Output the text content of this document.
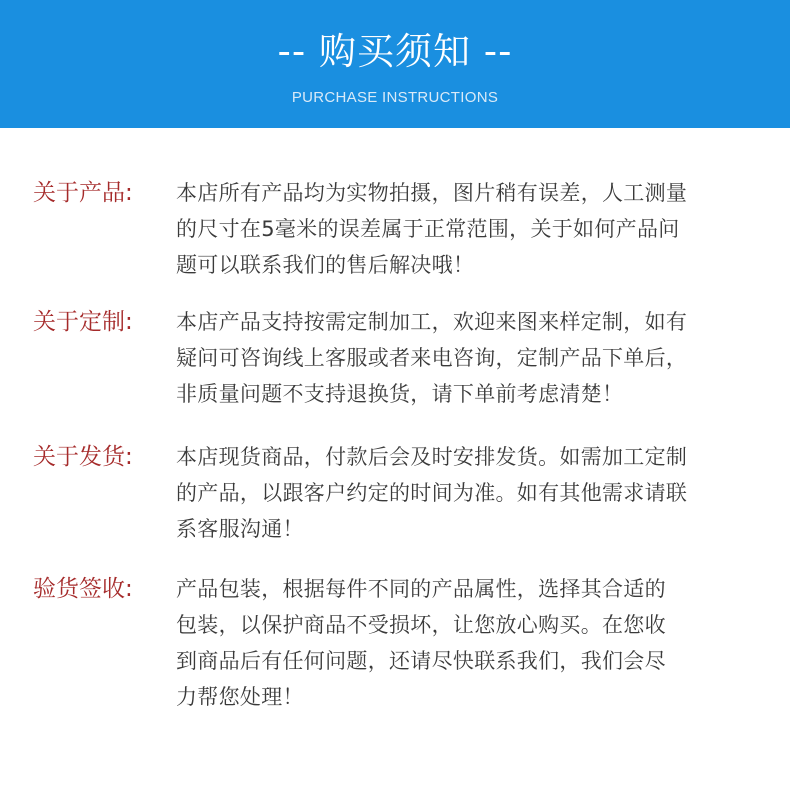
-- 购买须知 --
PURCHASE INSTRUCTIONS
关于产品:	本店所有产品均为实物拍摄，图片稍有误差，人工测量
的尺寸在5毫米的误差属于正常范围，关于如何产品问
题可以联系我们的售后解决哦！
关于定制:	本店产品支持按需定制加工，欢迎来图来样定制，如有
疑问可咨询线上客服或者来电咨询，定制产品下单后，
非质量问题不支持退换货，请下单前考虑清楚！
关于发货:	本店现货商品，付款后会及时安排发货。如需加工定制
的产品，以跟客户约定的时间为准。如有其他需求请联
系客服沟通！
验货签收:	产品包装，根据每件不同的产品属性，选择其合适的
包装，以保护商品不受损坏，让您放心购买。在您收
到商品后有任何问题，还请尽快联系我们，我们会尽
力帮您处理！
